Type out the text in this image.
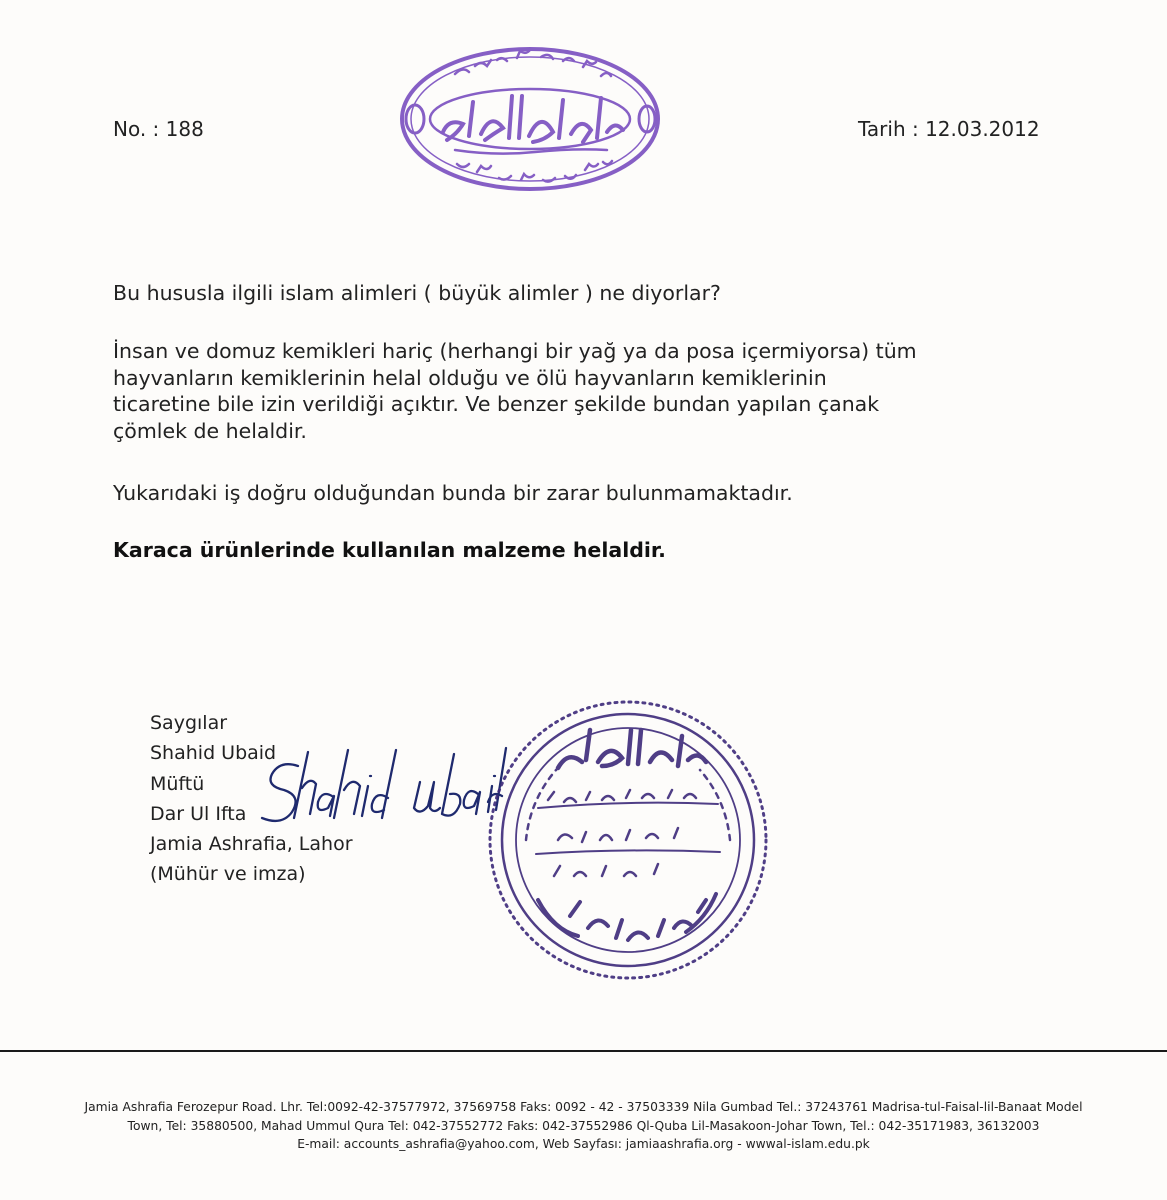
No. : 188	Tarih : 12.03.2012
Bu hususla ilgili islam alimleri ( büyük alimler ) ne diyorlar?
İnsan ve domuz kemikleri hariç (herhangi bir yağ ya da posa içermiyorsa) tüm
hayvanların kemiklerinin helal olduğu ve ölü hayvanların kemiklerinin
ticaretine bile izin verildiği açıktır. Ve benzer şekilde bundan yapılan çanak
çömlek de helaldir.
Yukarıdaki iş doğru olduğundan bunda bir zarar bulunmamaktadır.
Karaca ürünlerinde kullanılan malzeme helaldir.
Saygılar
Shahid Ubaid
Müftü
Dar Ul Ifta
Jamia Ashrafia, Lahor
(Mühür ve imza)
Jamia Ashrafia Ferozepur Road. Lhr. Tel:0092-42-37577972, 37569758 Faks: 0092 - 42 - 37503339 Nila Gumbad Tel.: 37243761 Madrisa-tul-Faisal-lil-Banaat Model
Town, Tel: 35880500, Mahad Ummul Qura Tel: 042-37552772 Faks: 042-37552986 Ql-Quba Lil-Masakoon-Johar Town, Tel.: 042-35171983, 36132003
E-mail: accounts_ashrafia@yahoo.com, Web Sayfası: jamiaashrafia.org - wwwal-islam.edu.pk
